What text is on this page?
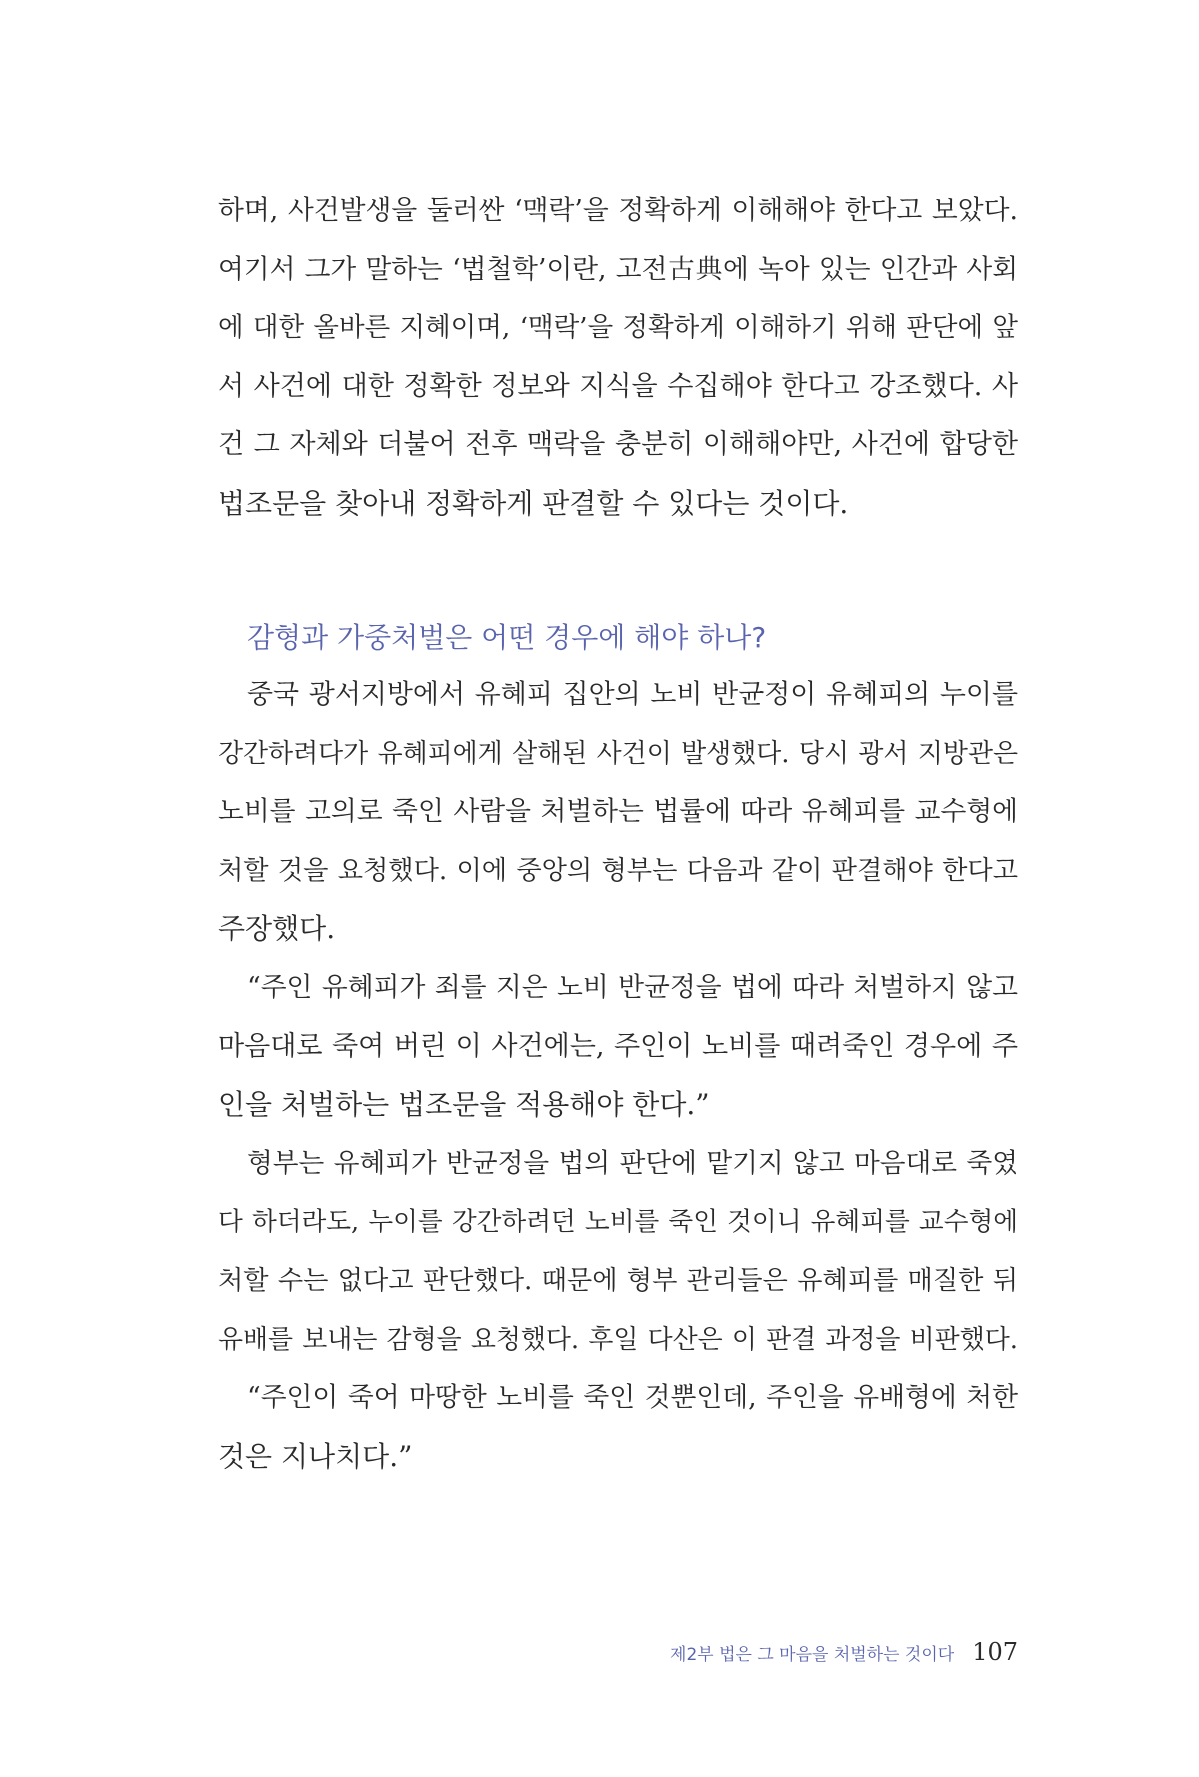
하며, 사건발생을 둘러싼 ‘맥락’을 정확하게 이해해야 한다고 보았다.
여기서 그가 말하는 ‘법철학’이란, 고전古典에 녹아 있는 인간과 사회
에 대한 올바른 지혜이며, ‘맥락’을 정확하게 이해하기 위해 판단에 앞
서 사건에 대한 정확한 정보와 지식을 수집해야 한다고 강조했다. 사
건 그 자체와 더불어 전후 맥락을 충분히 이해해야만, 사건에 합당한
법조문을 찾아내 정확하게 판결할 수 있다는 것이다.
감형과 가중처벌은 어떤 경우에 해야 하나?
중국 광서지방에서 유혜피 집안의 노비 반균정이 유혜피의 누이를
강간하려다가 유혜피에게 살해된 사건이 발생했다. 당시 광서 지방관은
노비를 고의로 죽인 사람을 처벌하는 법률에 따라 유혜피를 교수형에
처할 것을 요청했다. 이에 중앙의 형부는 다음과 같이 판결해야 한다고
주장했다.
“주인 유혜피가 죄를 지은 노비 반균정을 법에 따라 처벌하지 않고
마음대로 죽여 버린 이 사건에는, 주인이 노비를 때려죽인 경우에 주
인을 처벌하는 법조문을 적용해야 한다.”
형부는 유혜피가 반균정을 법의 판단에 맡기지 않고 마음대로 죽였
다 하더라도, 누이를 강간하려던 노비를 죽인 것이니 유혜피를 교수형에
처할 수는 없다고 판단했다. 때문에 형부 관리들은 유혜피를 매질한 뒤
유배를 보내는 감형을 요청했다. 후일 다산은 이 판결 과정을 비판했다.
“주인이 죽어 마땅한 노비를 죽인 것뿐인데, 주인을 유배형에 처한
것은 지나치다.”
제2부 법은 그 마음을 처벌하는 것이다 107
